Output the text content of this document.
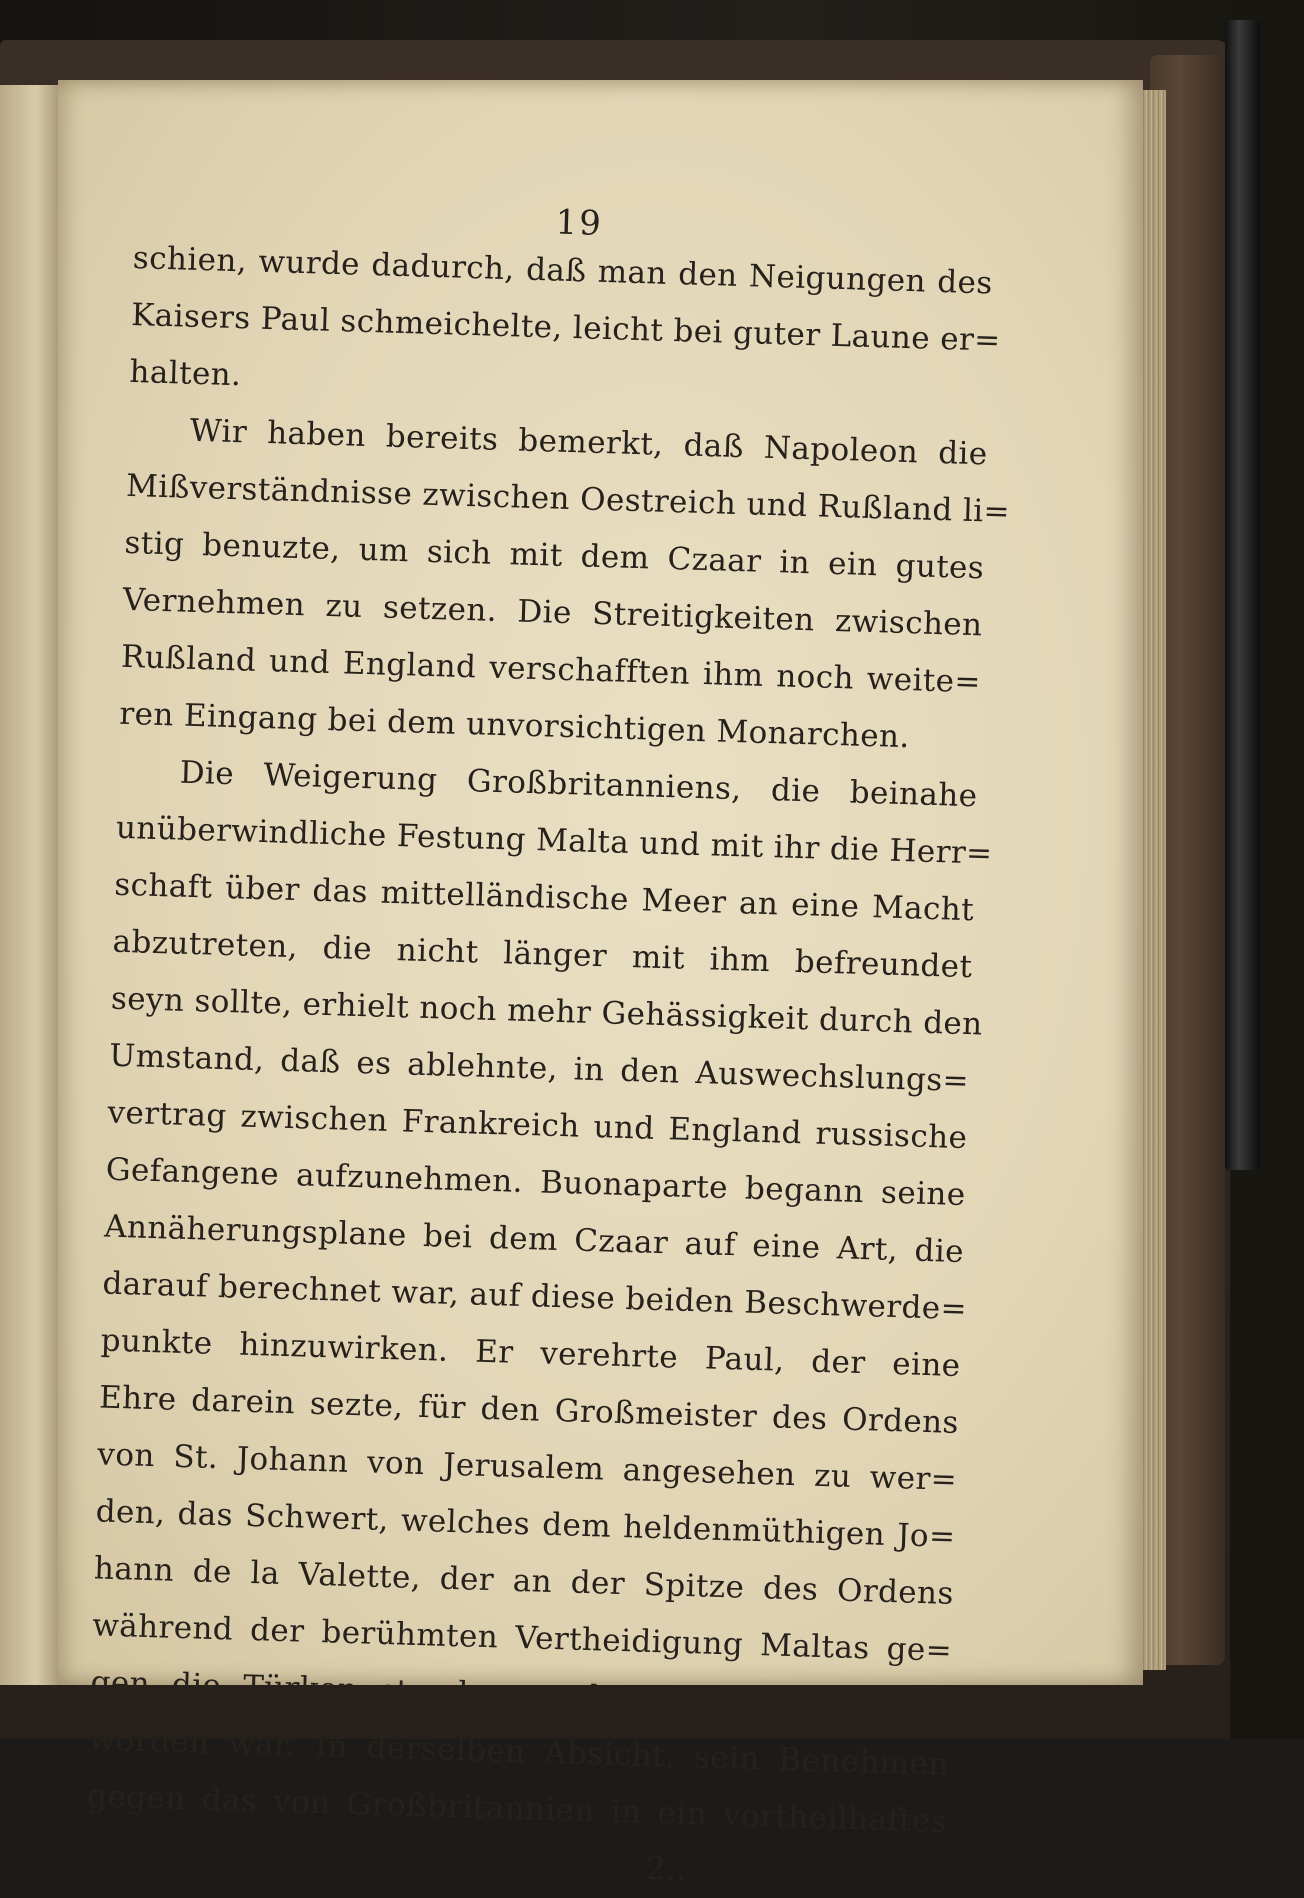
19
schien, wurde dadurch, daß man den Neigungen des
Kaisers Paul schmeichelte, leicht bei guter Laune er=
halten.
Wir haben bereits bemerkt, daß Napoleon die
Mißverständnisse zwischen Oestreich und Rußland li=
stig benuzte, um sich mit dem Czaar in ein gutes
Vernehmen zu setzen. Die Streitigkeiten zwischen
Rußland und England verschafften ihm noch weite=
ren Eingang bei dem unvorsichtigen Monarchen.
Die Weigerung Großbritanniens, die beinahe
unüberwindliche Festung Malta und mit ihr die Herr=
schaft über das mittelländische Meer an eine Macht
abzutreten, die nicht länger mit ihm befreundet
seyn sollte, erhielt noch mehr Gehässigkeit durch den
Umstand, daß es ablehnte, in den Auswechslungs=
vertrag zwischen Frankreich und England russische
Gefangene aufzunehmen. Buonaparte begann seine
Annäherungsplane bei dem Czaar auf eine Art, die
darauf berechnet war, auf diese beiden Beschwerde=
punkte hinzuwirken. Er verehrte Paul, der eine
Ehre darein sezte, für den Großmeister des Ordens
von St. Johann von Jerusalem angesehen zu wer=
den, das Schwert, welches dem heldenmüthigen Jo=
hann de la Valette, der an der Spitze des Ordens
während der berühmten Vertheidigung Maltas ge=
gen die Türken stand, von dem Pabst überreicht
worden war. In derselben Absicht, sein Benehmen
gegen das von Großbritannien in ein vortheilhaftes
2..
